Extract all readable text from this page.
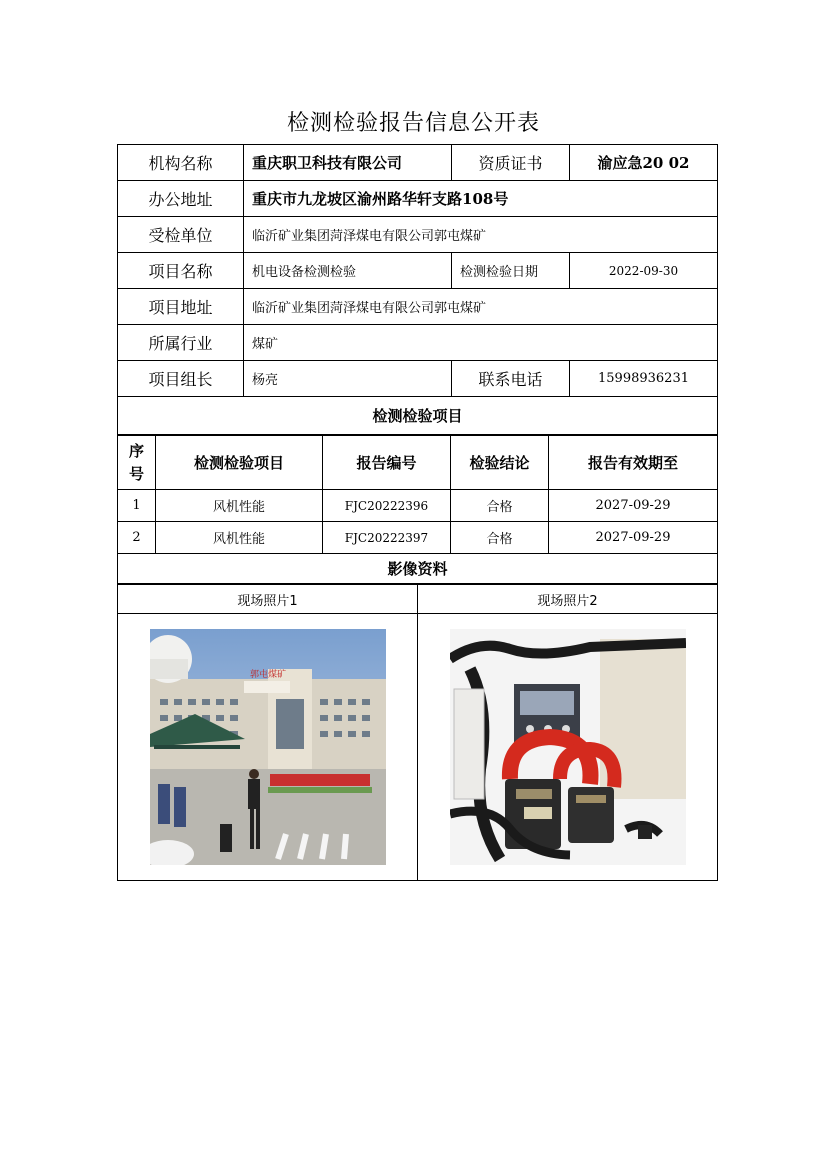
检测检验报告信息公开表
机构名称	重庆职卫科技有限公司	资质证书	渝应急20 02
办公地址	重庆市九龙坡区渝州路华轩支路108号		
受检单位	临沂矿业集团菏泽煤电有限公司郭屯煤矿		
项目名称	机电设备检测检验	检测检验日期	2022-09-30
项目地址	临沂矿业集团菏泽煤电有限公司郭屯煤矿		
所属行业	煤矿		
项目组长	杨亮	联系电话	15998936231
检测检验项目			
序号	检测检验项目	报告编号	检验结论	报告有效期至
1	风机性能	FJC20222396	合格	2027-09-29
2	风机性能	FJC20222397	合格	2027-09-29
影像资料				
现场照片1	现场照片2

郭屯煤矿
